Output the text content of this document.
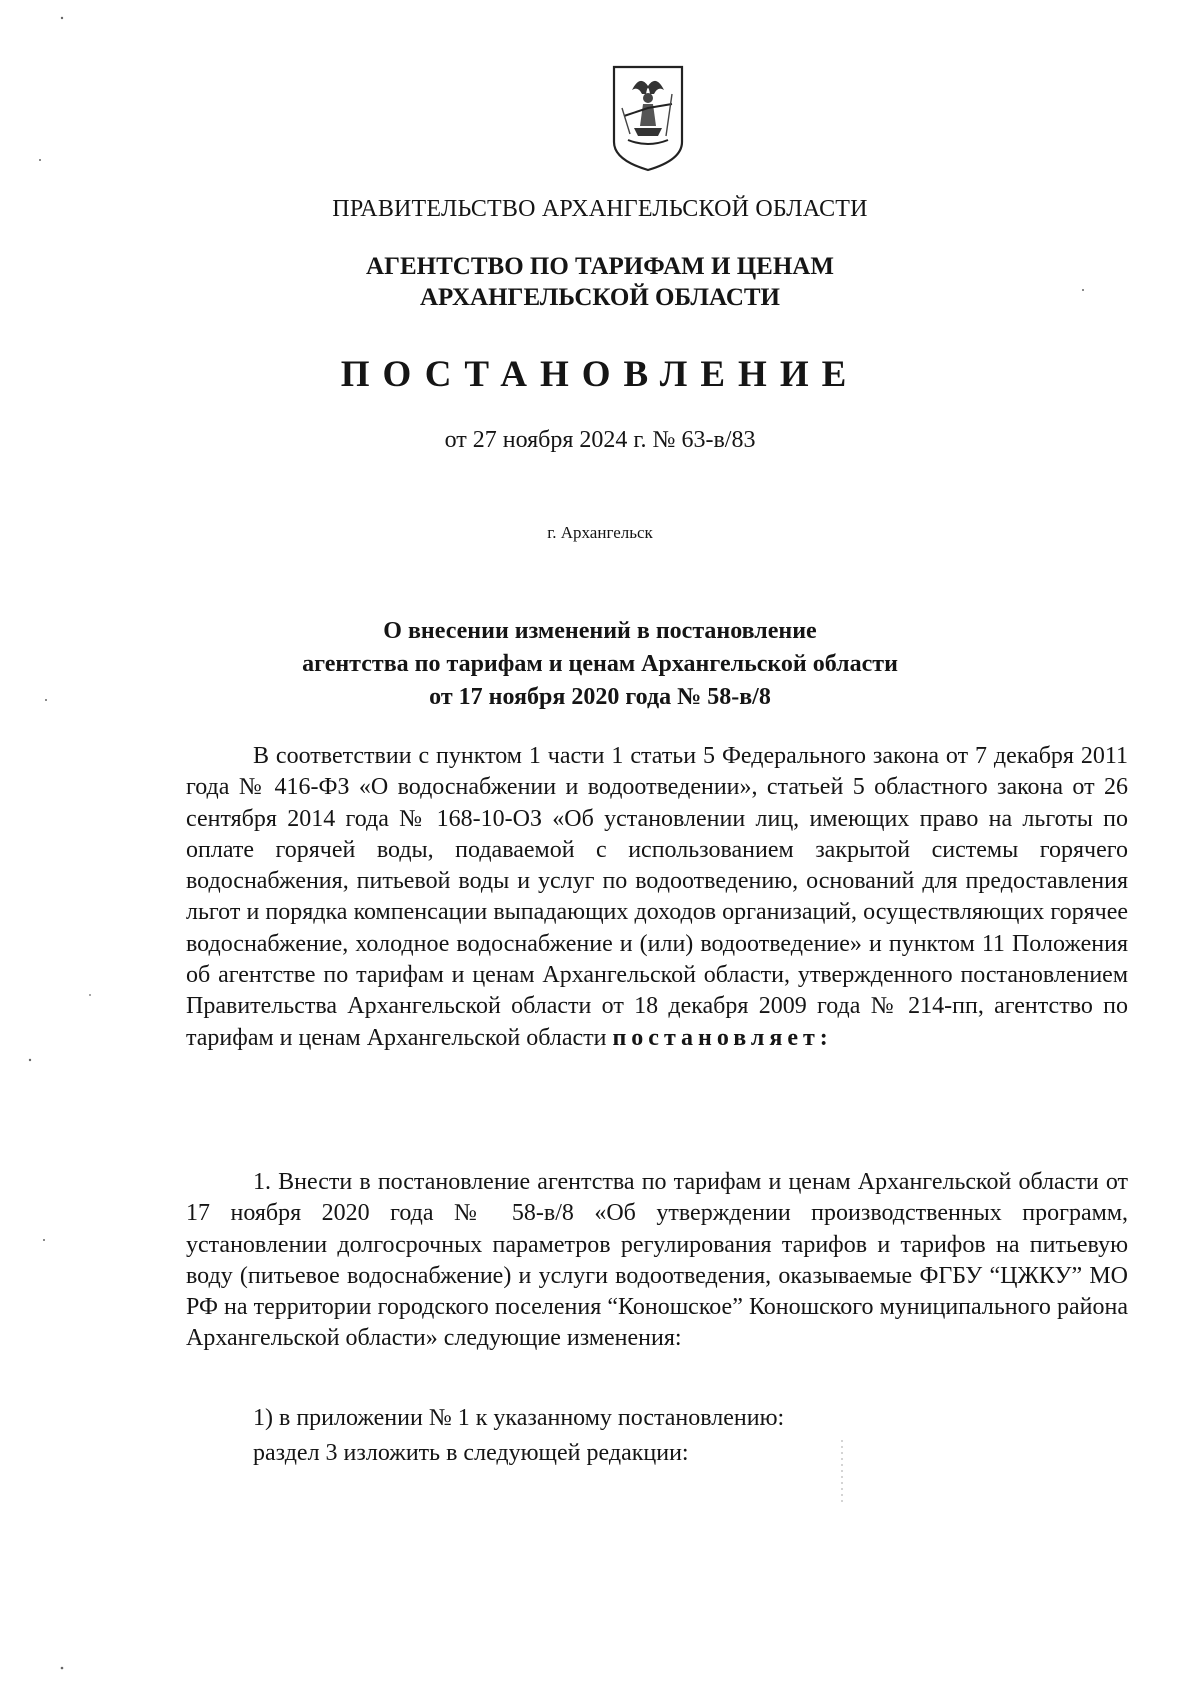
ПРАВИТЕЛЬСТВО АРХАНГЕЛЬСКОЙ ОБЛАСТИ
АГЕНТСТВО ПО ТАРИФАМ И ЦЕНАМ
АРХАНГЕЛЬСКОЙ ОБЛАСТИ
ПОСТАНОВЛЕНИЕ
от 27 ноября 2024 г. № 63-в/83
г. Архангельск
О внесении изменений в постановление
агентства по тарифам и ценам Архангельской области
от 17 ноября 2020 года № 58-в/8
В соответствии с пунктом 1 части 1 статьи 5 Федерального закона от 7 декабря 2011 года № 416-ФЗ «О водоснабжении и водоотведении», статьей 5 областного закона от 26 сентября 2014 года № 168-10-ОЗ «Об установлении лиц, имеющих право на льготы по оплате горячей воды, подаваемой с использованием закрытой системы горячего водоснабжения, питьевой воды и услуг по водоотведению, оснований для предоставления льгот и порядка компенсации выпадающих доходов организаций, осуществляющих горячее водоснабжение, холодное водоснабжение и (или) водоотведение» и пунктом 11 Положения об агентстве по тарифам и ценам Архангельской области, утвержденного постановлением Правительства Архангельской области от 18 декабря 2009 года № 214-пп, агентство по тарифам и ценам Архангельской области постановляет:
1. Внести в постановление агентства по тарифам и ценам Архангельской области от 17 ноября 2020 года № 58-в/8 «Об утверждении производственных программ, установлении долгосрочных параметров регулирования тарифов и тарифов на питьевую воду (питьевое водоснабжение) и услуги водоотведения, оказываемые ФГБУ “ЦЖКУ” МО РФ на территории городского поселения “Коношское” Коношского муниципального района Архангельской области» следующие изменения:
1) в приложении № 1 к указанному постановлению:
раздел 3 изложить в следующей редакции:
